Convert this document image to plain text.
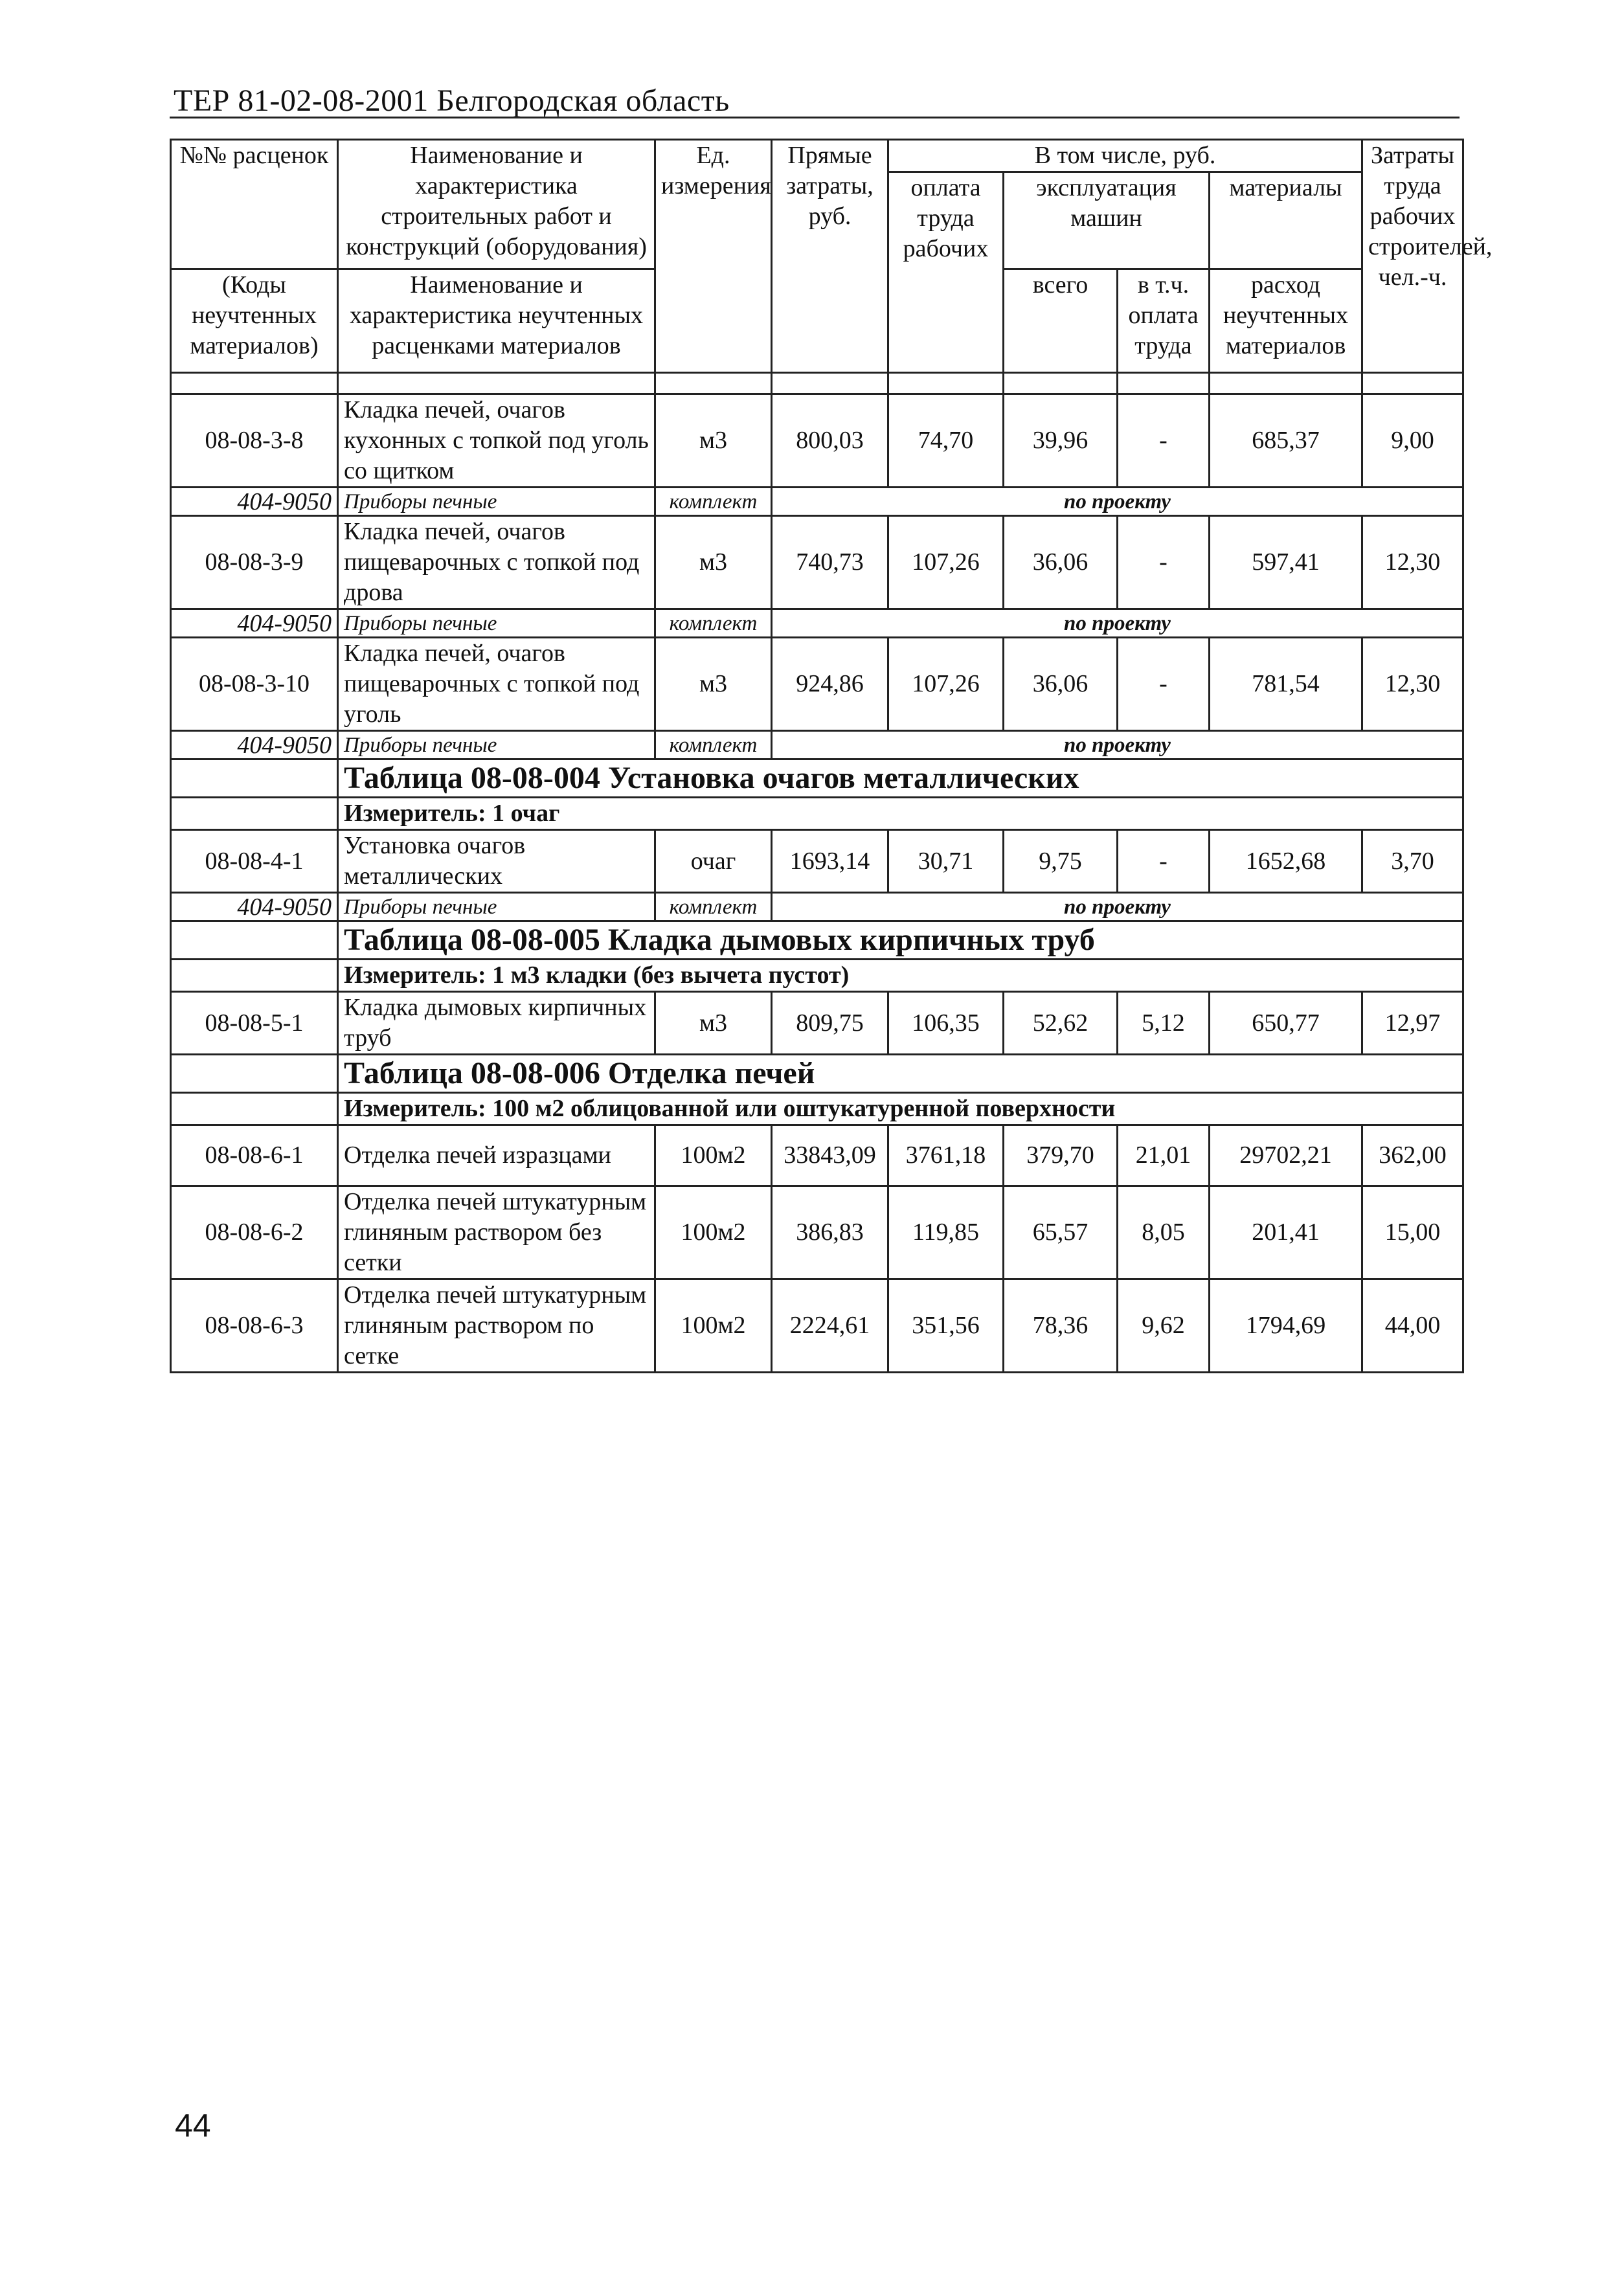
ТЕР 81-02-08-2001 Белгородская область
№№ расценок	Наименование и характеристика строительных работ и конструкций (оборудования)	Ед. измерения	Прямые затраты, руб.	В том числе, руб.				Затраты труда рабочих строителей, чел.-ч.
				оплата труда рабочих	эксплуатация машин		материалы	
(Коды неучтенных материалов)	Наименование и характеристика неучтенных расценками материалов				всего	в т.ч. оплата труда	расход неучтенных материалов	

08-08-3-8	Кладка печей, очагов кухонных с топкой под уголь со щитком	м3	800,03	74,70	39,96	-	685,37	9,00
404-9050	Приборы печные	комплект	по проекту					
08-08-3-9	Кладка печей, очагов пищеварочных с топкой под дрова	м3	740,73	107,26	36,06	-	597,41	12,30
404-9050	Приборы печные	комплект	по проекту					
08-08-3-10	Кладка печей, очагов пищеварочных с топкой под уголь	м3	924,86	107,26	36,06	-	781,54	12,30
404-9050	Приборы печные	комплект	по проекту					
	Таблица 08-08-004 Установка очагов металлических							
	Измеритель: 1 очаг							
08-08-4-1	Установка очагов металлических	очаг	1693,14	30,71	9,75	-	1652,68	3,70
404-9050	Приборы печные	комплект	по проекту					
	Таблица 08-08-005 Кладка дымовых кирпичных труб							
	Измеритель: 1 м3 кладки (без вычета пустот)							
08-08-5-1	Кладка дымовых кирпичных труб	м3	809,75	106,35	52,62	5,12	650,77	12,97
	Таблица 08-08-006 Отделка печей							
	Измеритель: 100 м2 облицованной или оштукатуренной поверхности							
08-08-6-1	Отделка печей изразцами	100м2	33843,09	3761,18	379,70	21,01	29702,21	362,00
08-08-6-2	Отделка печей штукатурным глиняным раствором без сетки	100м2	386,83	119,85	65,57	8,05	201,41	15,00
08-08-6-3	Отделка печей штукатурным глиняным раствором по сетке	100м2	2224,61	351,56	78,36	9,62	1794,69	44,00
44
